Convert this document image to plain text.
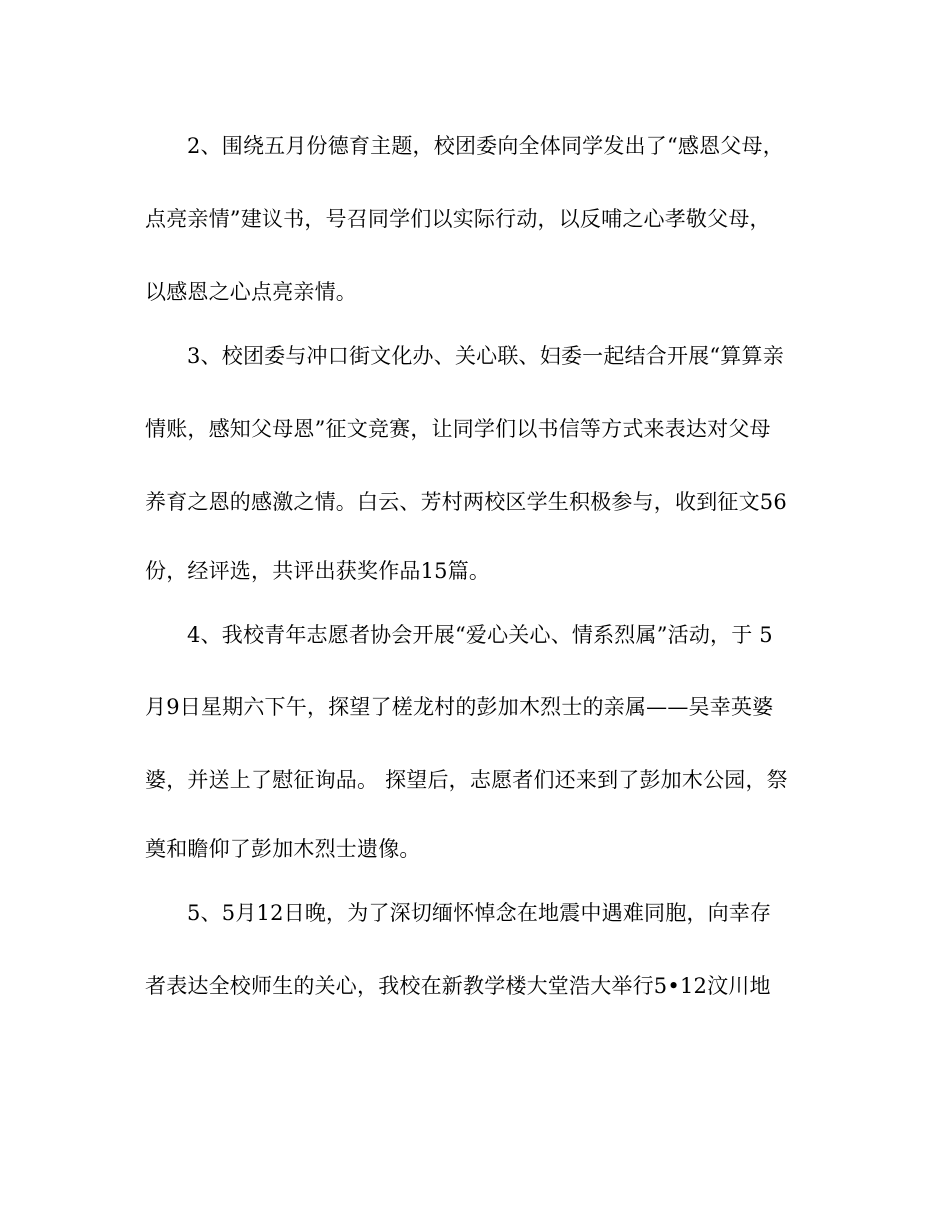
2、围绕五月份德育主题，校团委向全体同学发出了“感恩父母，
点亮亲情”建议书，号召同学们以实际行动，以反哺之心孝敬父母，
以感恩之心点亮亲情。
3、校团委与冲口街文化办、关心联、妇委一起结合开展“算算亲
情账，感知父母恩”征文竞赛，让同学们以书信等方式来表达对父母
养育之恩的感激之情。白云、芳村两校区学生积极参与，收到征文56
份，经评选，共评出获奖作品15篇。
4、我校青年志愿者协会开展“爱心关心、情系烈属”活动，于 5
月9日星期六下午，探望了槎龙村的彭加木烈士的亲属——吴幸英婆
婆，并送上了慰征询品。 探望后，志愿者们还来到了彭加木公园，祭
奠和瞻仰了彭加木烈士遗像。
5、5月12日晚，为了深切缅怀悼念在地震中遇难同胞，向幸存
者表达全校师生的关心，我校在新教学楼大堂浩大举行5•12汶川地
